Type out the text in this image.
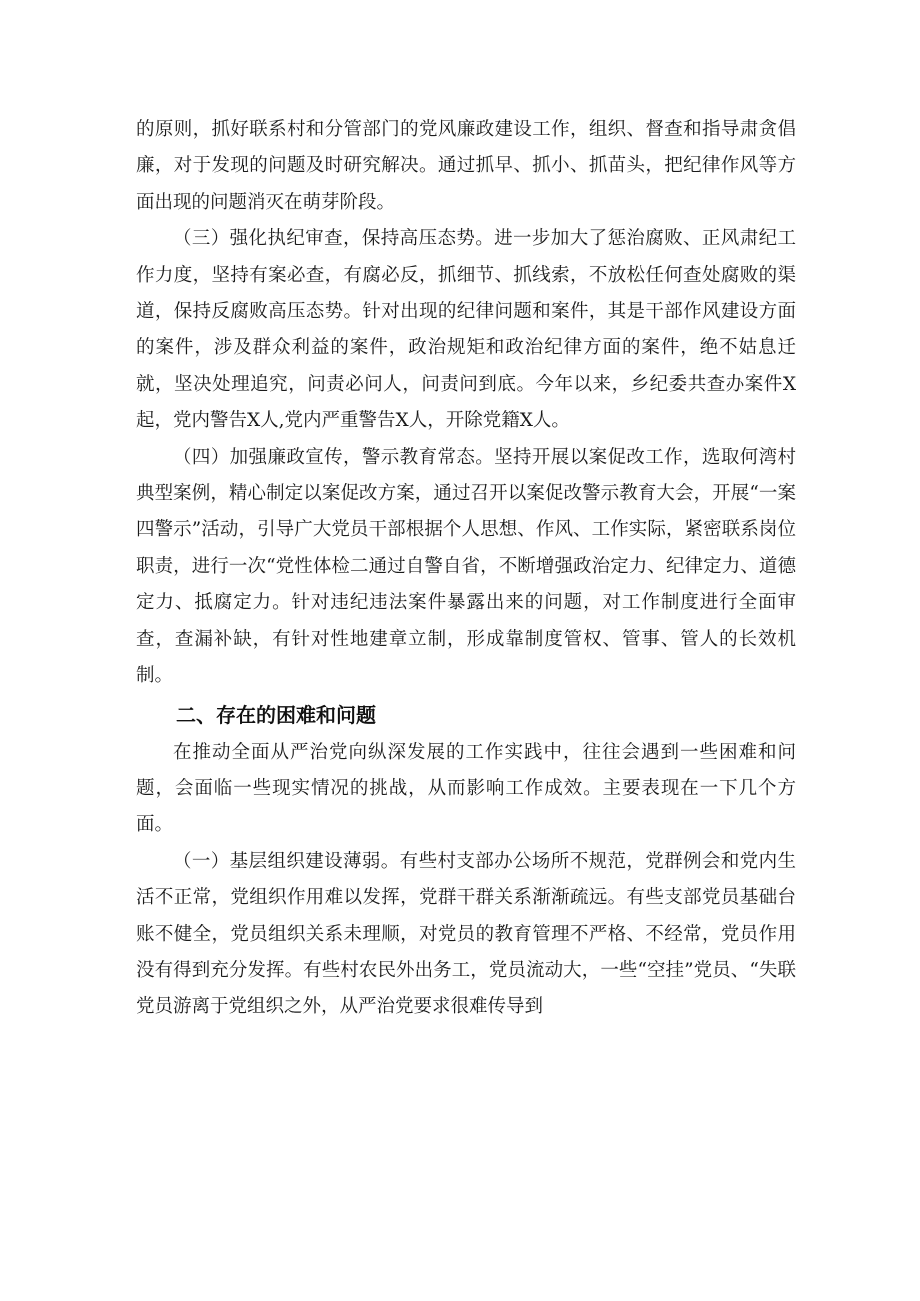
的原则，抓好联系村和分管部门的党风廉政建设工作，组织、督查和指导肃贪倡廉，对于发现的问题及时研究解决。通过抓早、抓小、抓苗头，把纪律作风等方面出现的问题消灭在萌芽阶段。

（三）强化执纪审查，保持高压态势。进一步加大了惩治腐败、正风肃纪工作力度，坚持有案必查，有腐必反，抓细节、抓线索，不放松任何查处腐败的渠道，保持反腐败高压态势。针对出现的纪律问题和案件，其是干部作风建设方面的案件，涉及群众利益的案件，政治规矩和政治纪律方面的案件，绝不姑息迁就，坚决处理追究，问责必问人，问责问到底。今年以来，乡纪委共查办案件X起，党内警告X人,党内严重警告X人，开除党籍X人。

（四）加强廉政宣传，警示教育常态。坚持开展以案促改工作，选取何湾村典型案例，精心制定以案促改方案，通过召开以案促改警示教育大会，开展“一案四警示”活动，引导广大党员干部根据个人思想、作风、工作实际，紧密联系岗位职责，进行一次“党性体检二通过自警自省，不断增强政治定力、纪律定力、道德定力、抵腐定力。针对违纪违法案件暴露出来的问题，对工作制度进行全面审查，查漏补缺，有针对性地建章立制，形成靠制度管权、管事、管人的长效机制。

二、存在的困难和问题

在推动全面从严治党向纵深发展的工作实践中，往往会遇到一些困难和问题，会面临一些现实情况的挑战，从而影响工作成效。主要表现在一下几个方面。

（一）基层组织建设薄弱。有些村支部办公场所不规范，党群例会和党内生活不正常，党组织作用难以发挥，党群干群关系渐渐疏远。有些支部党员基础台账不健全，党员组织关系未理顺，对党员的教育管理不严格、不经常，党员作用没有得到充分发挥。有些村农民外出务工，党员流动大，一些“空挂”党员、“失联党员游离于党组织之外，从严治党要求很难传导到
